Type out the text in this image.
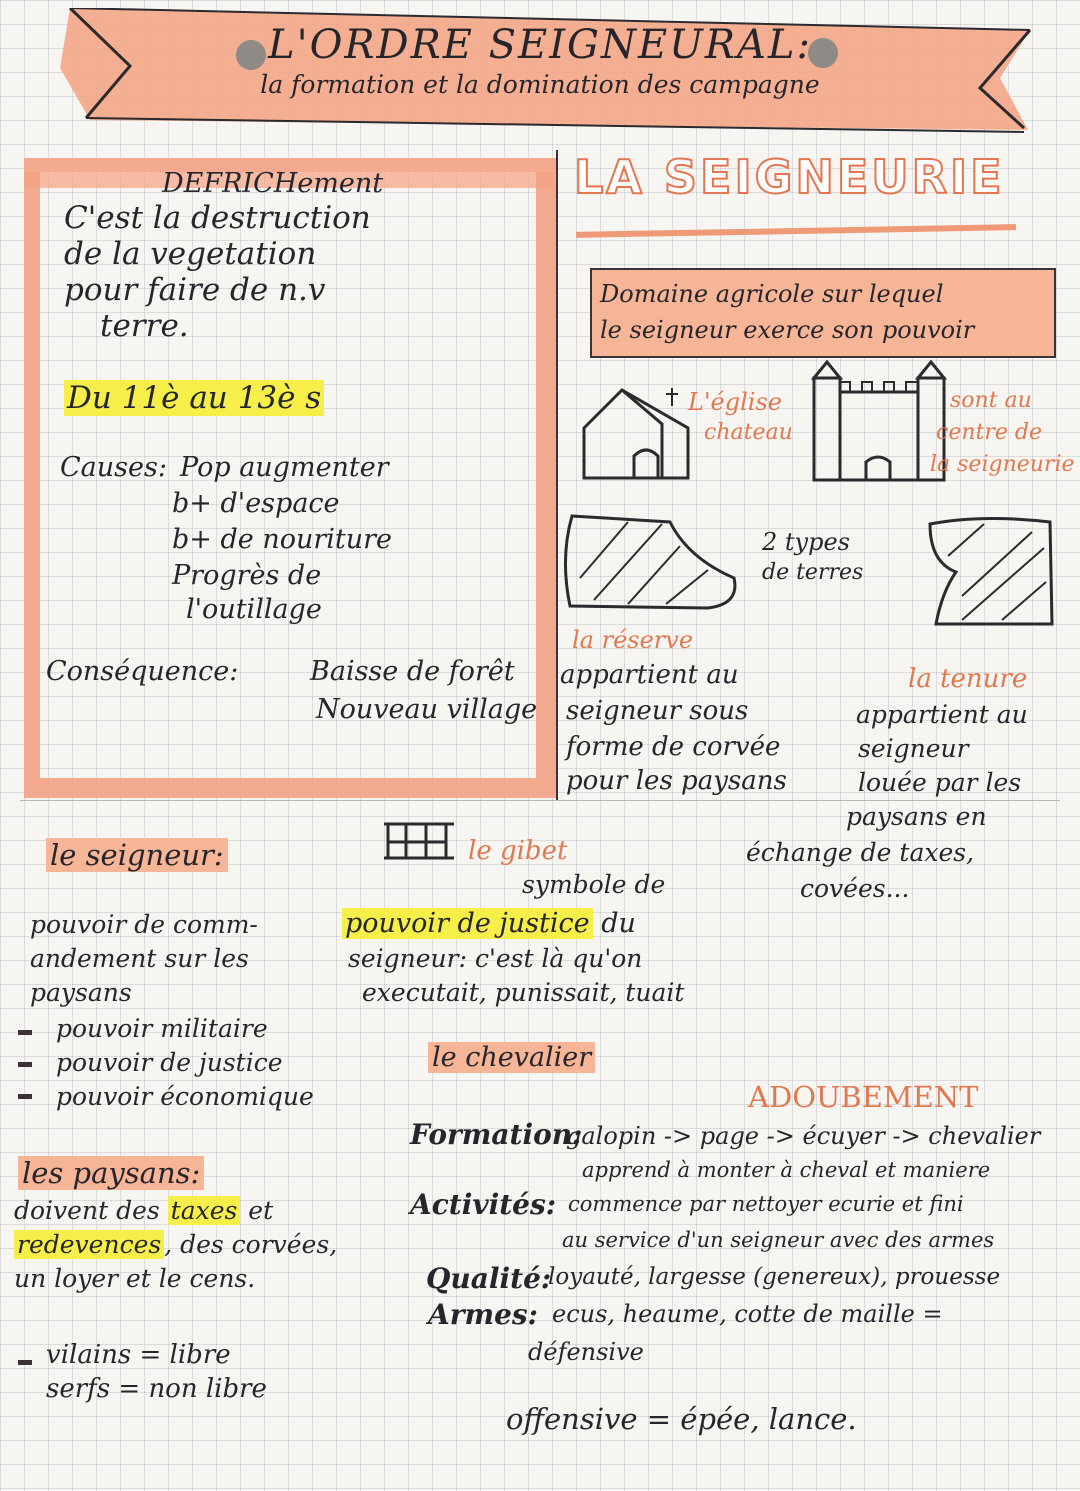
L'ORDRE SEIGNEURAL:
la formation et la domination des campagne
DEFRICHement
C'est la destruction
de la vegetation
pour faire de n.v
terre.
Du 11è au 13è s
Causes: Pop augmenter
b+ d'espace
b+ de nouriture
Progrès de
l'outillage
Conséquence:	Baisse de forêt
Nouveau village
LA SEIGNEURIE
Domaine agricole sur lequel
le seigneur exerce son pouvoir
L'église
chateau
sont au
centre de
la seigneurie
2 types
de terres
la réserve
appartient au
seigneur sous
forme de corvée
pour les paysans
la tenure
appartient au
seigneur
louée par les
paysans en
échange de taxes,
covées...
le seigneur:	le gibet
symbole de
pouvoir de comm-
andement sur les
paysans
pouvoir de justice du
seigneur: c'est là qu'on
executait, punissait, tuait
pouvoir militaire
pouvoir de justice
pouvoir économique
le chevalier
ADOUBEMENT
Formation:
galopin -> page -> écuyer -> chevalier
Activités:
apprend à monter à cheval et maniere
commence par nettoyer ecurie et fini
au service d'un seigneur avec des armes
Qualité:
loyauté, largesse (genereux), prouesse
Armes: ecus, heaume, cotte de maille =
défensive
offensive = épée, lance.
les paysans:
doivent des taxes et
redevences , des corvées,
un loyer et le cens.
vilains = libre
serfs = non libre
